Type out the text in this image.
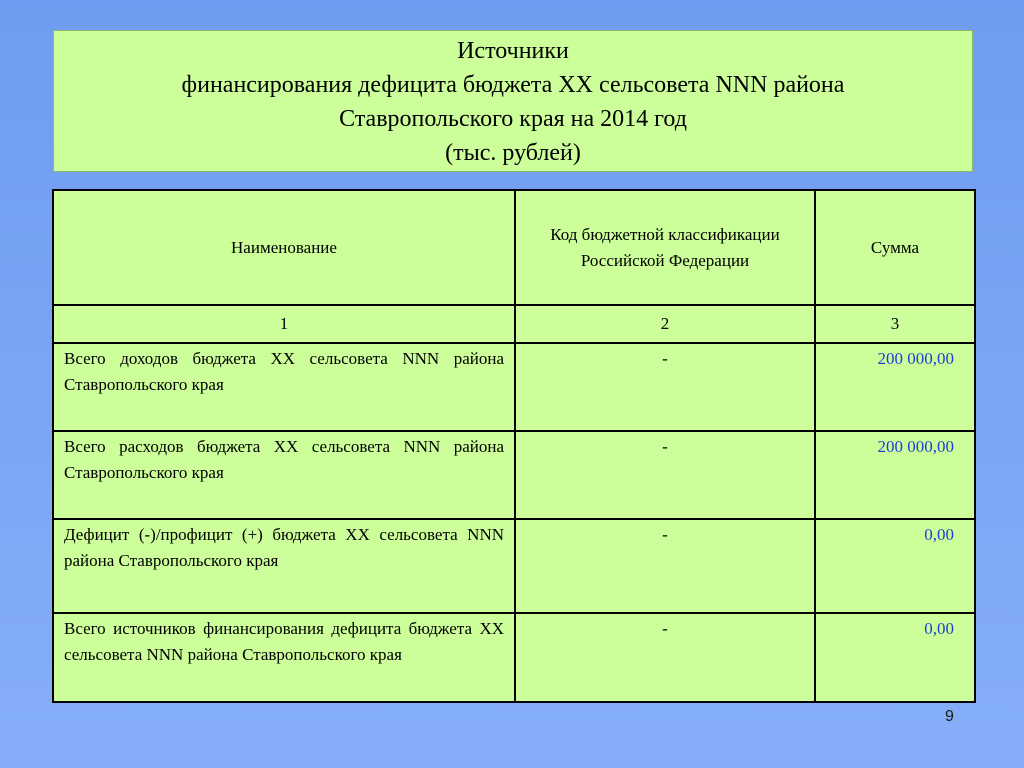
Источники
финансирования дефицита бюджета ХХ сельсовета NNN района
Ставропольского края на 2014 год
(тыс. рублей)
Наименование	Код бюджетной классификации Российской Федерации	Сумма
1	2	3

Всего доходов бюджета ХХ сельсовета NNN района Ставропольского края	-	200 000,00

Всего расходов бюджета ХХ сельсовета NNN района Ставропольского края	-	200 000,00

Дефицит (-)/профицит (+) бюджета ХХ сельсовета NNN района Ставропольского края	-	0,00

Всего источников финансирования дефицита бюджета ХХ сельсовета NNN района Ставропольского края	-	0,00
9
